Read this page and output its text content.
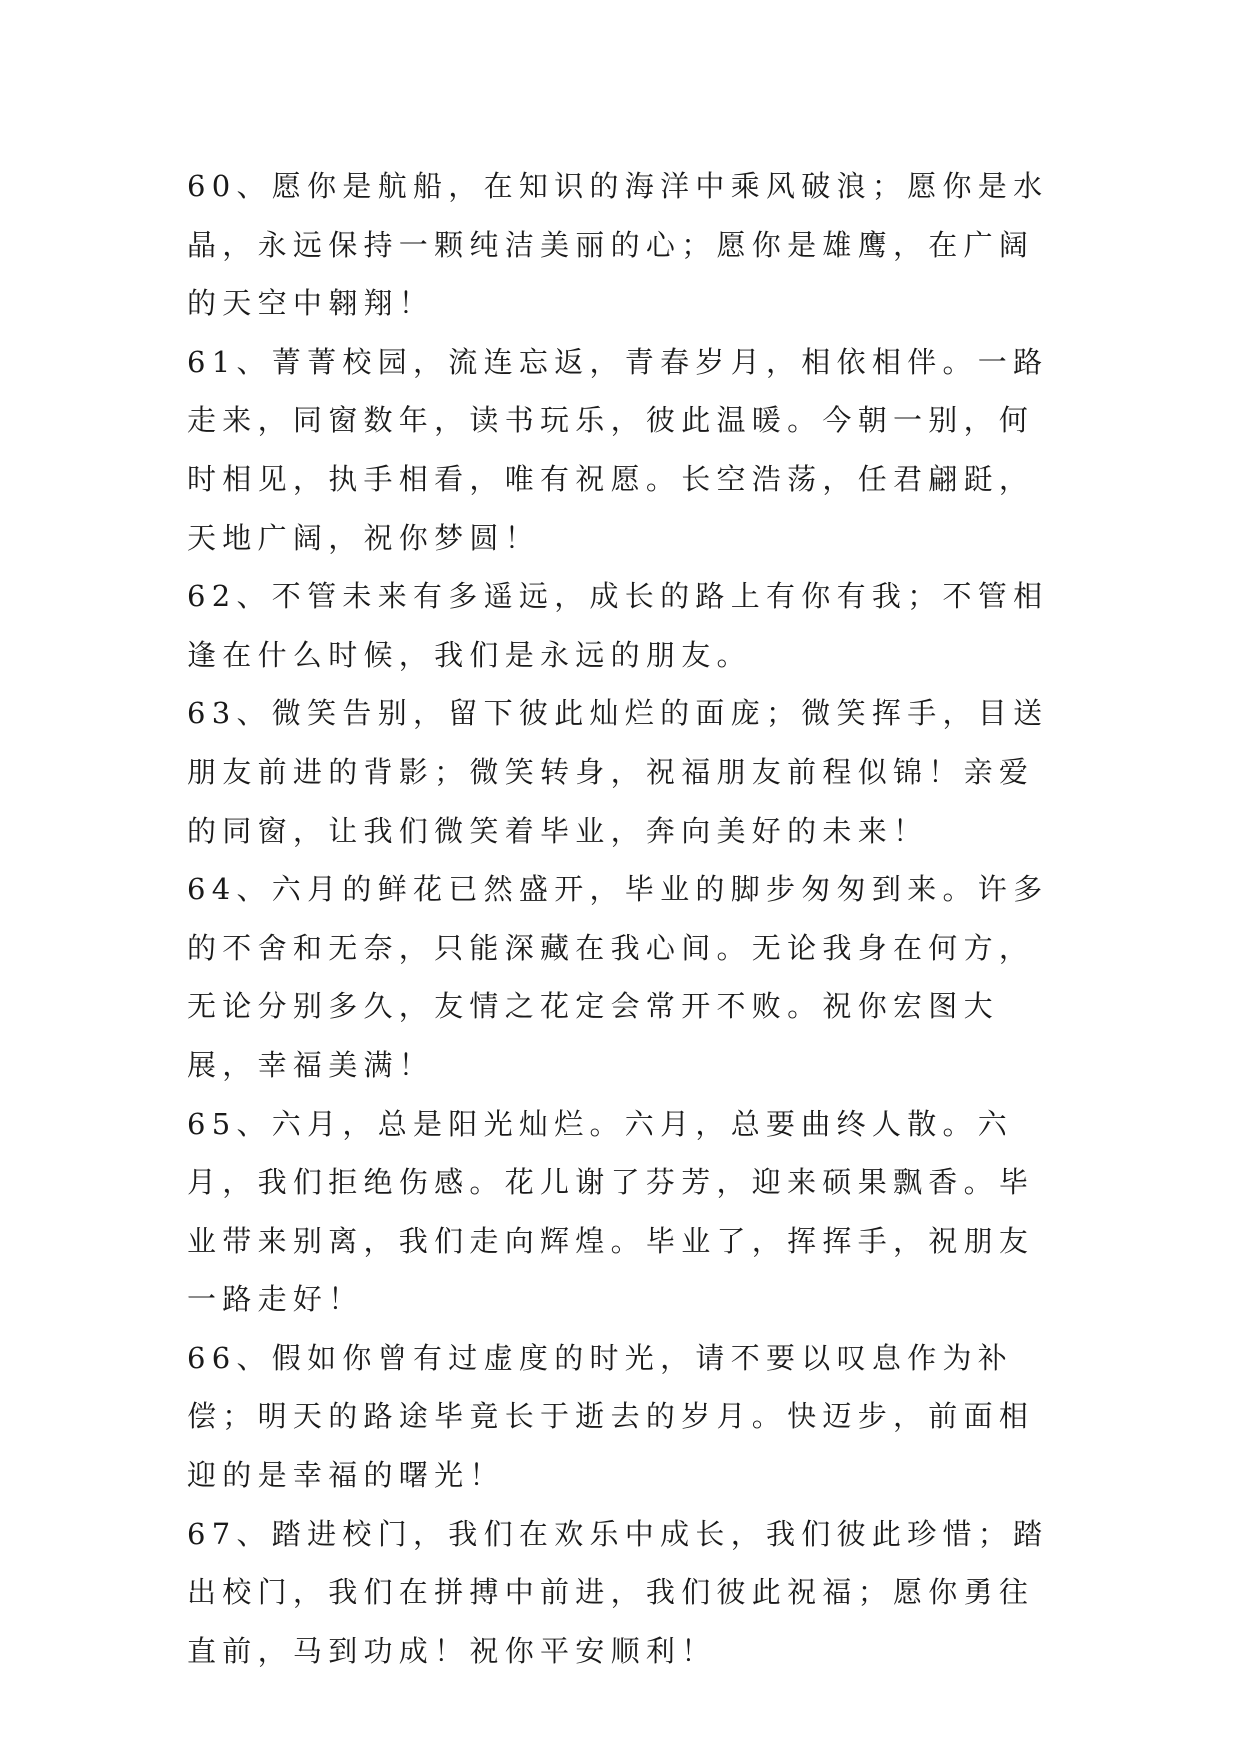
60、愿你是航船，在知识的海洋中乘风破浪；愿你是水晶，永远保持一颗纯洁美丽的心；愿你是雄鹰，在广阔的天空中翱翔！

61、菁菁校园，流连忘返，青春岁月，相依相伴。一路走来，同窗数年，读书玩乐，彼此温暖。今朝一别，何时相见，执手相看，唯有祝愿。长空浩荡，任君翩跹，天地广阔，祝你梦圆！

62、不管未来有多遥远，成长的路上有你有我；不管相逢在什么时候，我们是永远的朋友。

63、微笑告别，留下彼此灿烂的面庞；微笑挥手，目送朋友前进的背影；微笑转身，祝福朋友前程似锦！亲爱的同窗，让我们微笑着毕业，奔向美好的未来！

64、六月的鲜花已然盛开，毕业的脚步匆匆到来。许多的不舍和无奈，只能深藏在我心间。无论我身在何方，无论分别多久，友情之花定会常开不败。祝你宏图大展，幸福美满！

65、六月，总是阳光灿烂。六月，总要曲终人散。六月，我们拒绝伤感。花儿谢了芬芳，迎来硕果飘香。毕业带来别离，我们走向辉煌。毕业了，挥挥手，祝朋友一路走好！

66、假如你曾有过虚度的时光，请不要以叹息作为补偿；明天的路途毕竟长于逝去的岁月。快迈步，前面相迎的是幸福的曙光！

67、踏进校门，我们在欢乐中成长，我们彼此珍惜；踏出校门，我们在拼搏中前进，我们彼此祝福；愿你勇往直前，马到功成！祝你平安顺利！
